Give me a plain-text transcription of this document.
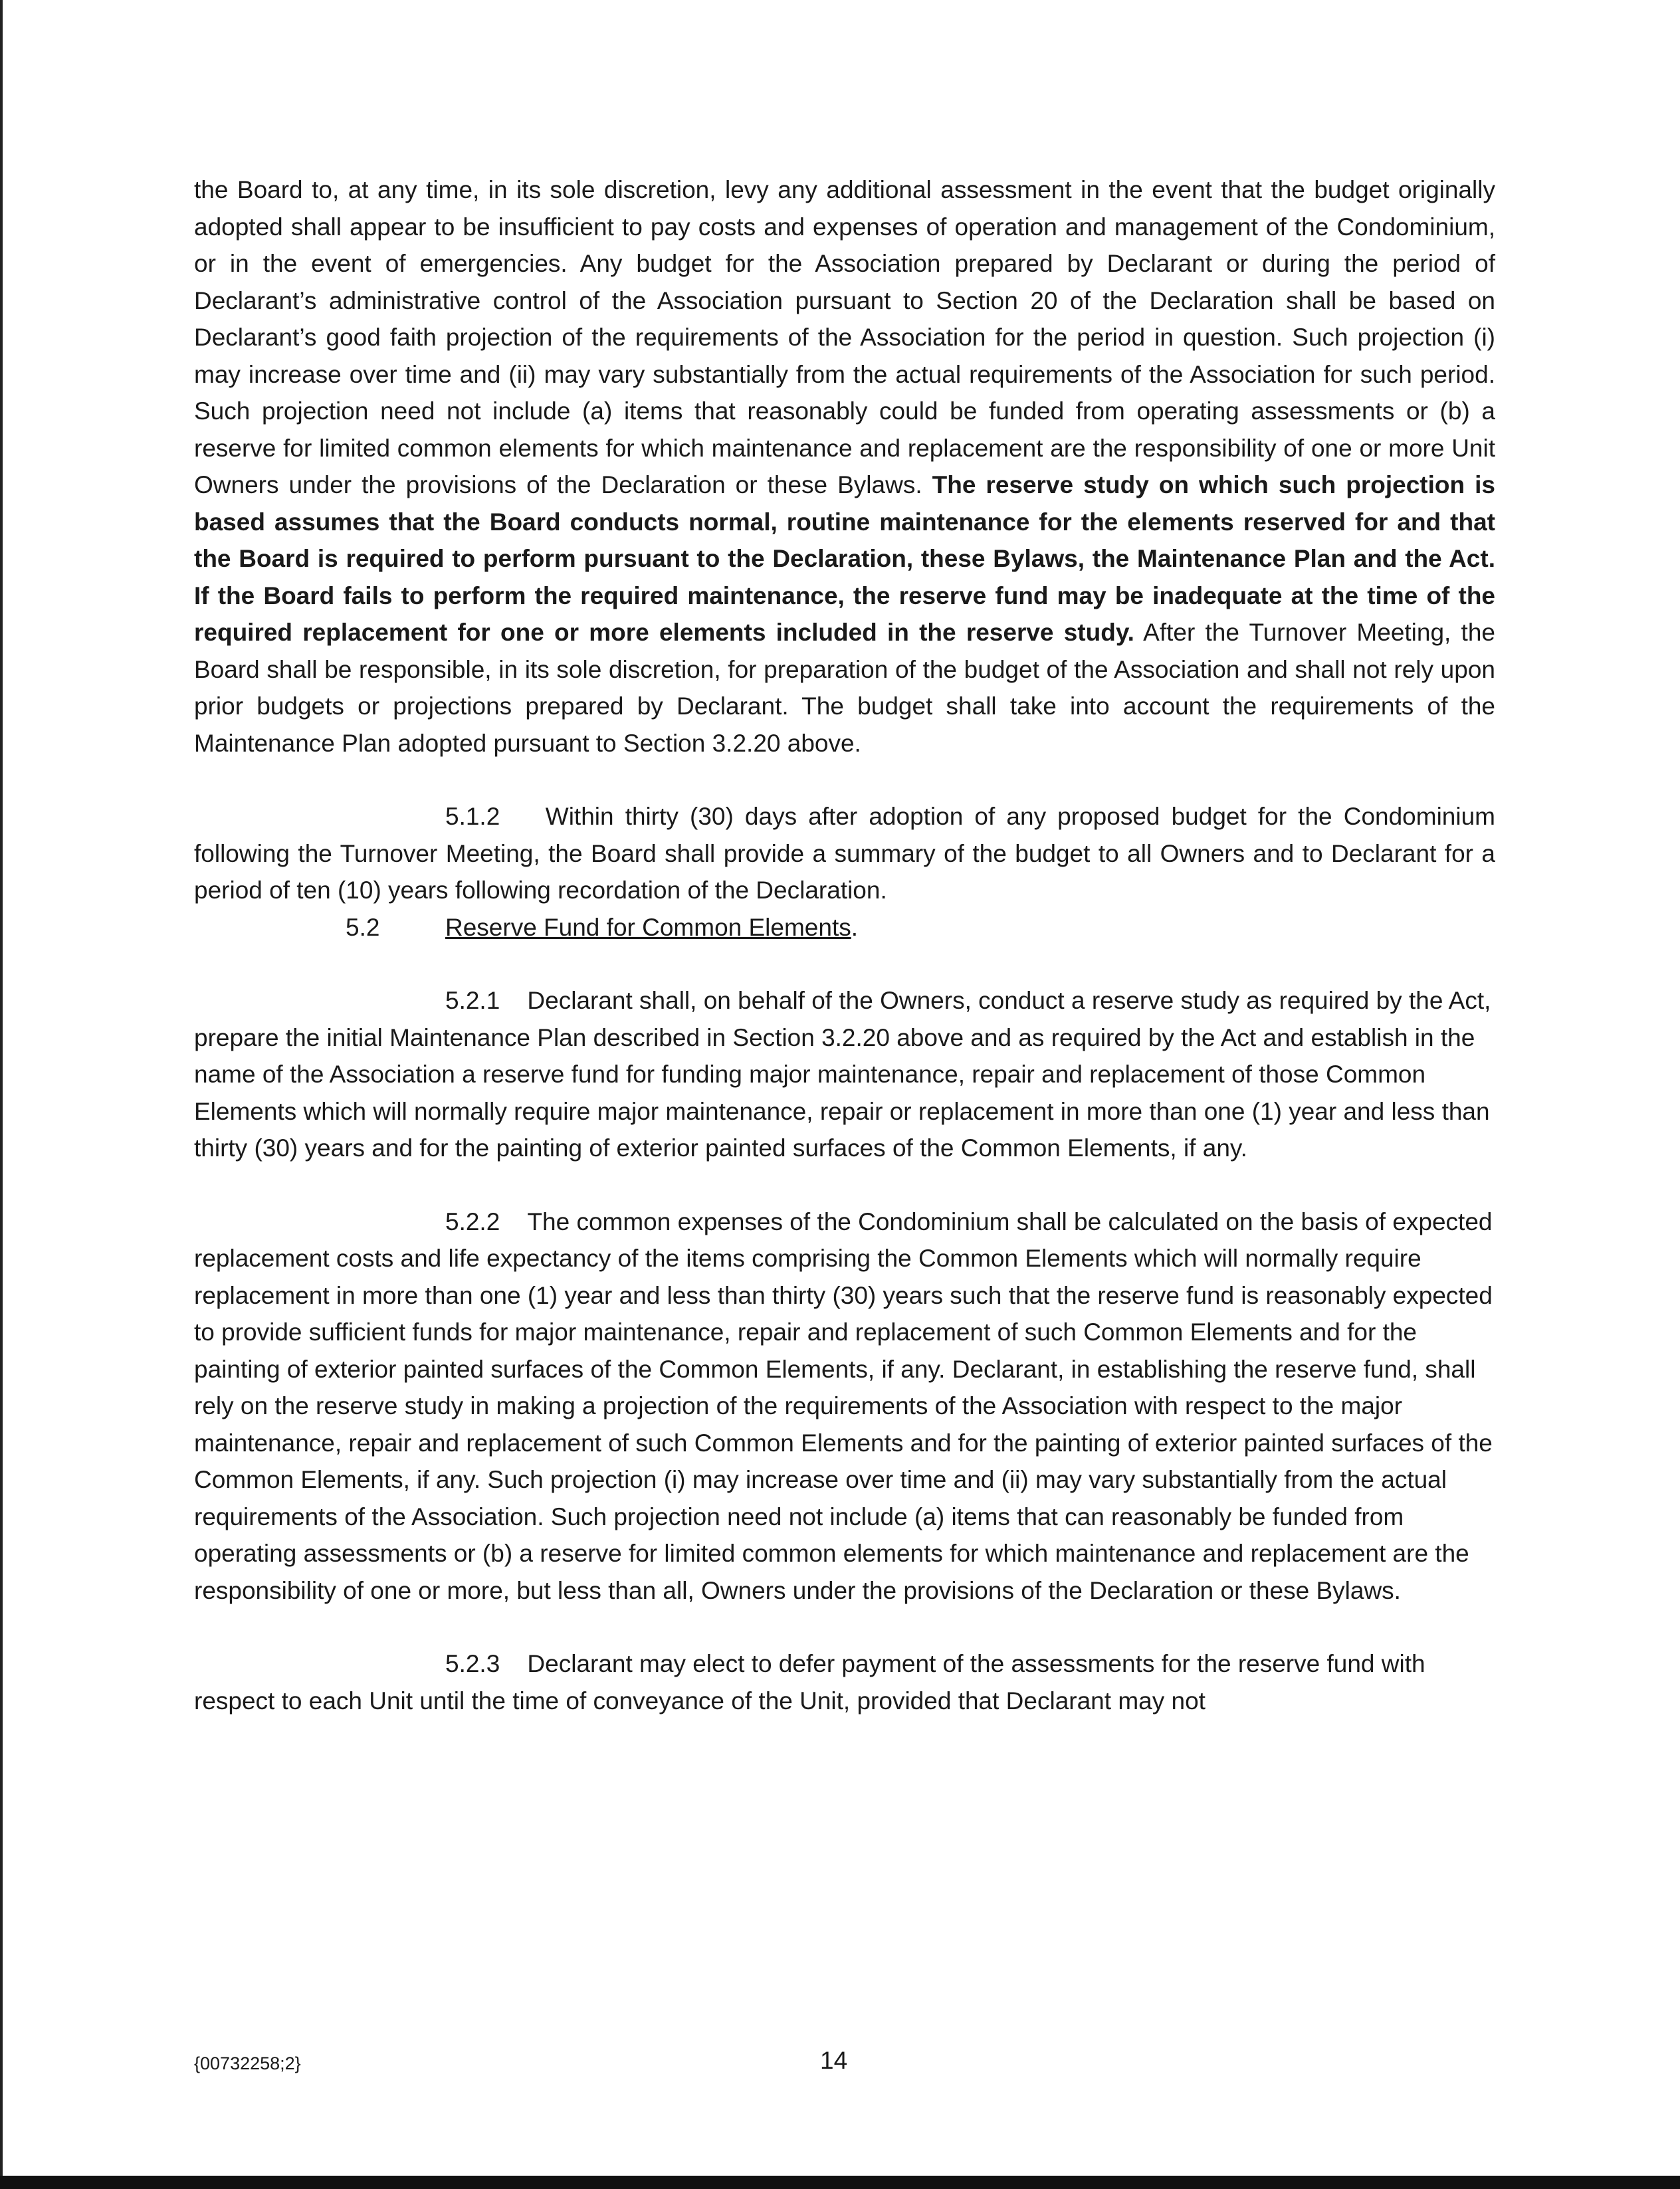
the Board to, at any time, in its sole discretion, levy any additional assessment in the event that the budget originally adopted shall appear to be insufficient to pay costs and expenses of operation and management of the Condominium, or in the event of emergencies. Any budget for the Association prepared by Declarant or during the period of Declarant’s administrative control of the Association pursuant to Section 20 of the Declaration shall be based on Declarant’s good faith projection of the requirements of the Association for the period in question. Such projection (i) may increase over time and (ii) may vary substantially from the actual requirements of the Association for such period. Such projection need not include (a) items that reasonably could be funded from operating assessments or (b) a reserve for limited common elements for which maintenance and replacement are the responsibility of one or more Unit Owners under the provisions of the Declaration or these Bylaws. The reserve study on which such projection is based assumes that the Board conducts normal, routine maintenance for the elements reserved for and that the Board is required to perform pursuant to the Declaration, these Bylaws, the Maintenance Plan and the Act. If the Board fails to perform the required maintenance, the reserve fund may be inadequate at the time of the required replacement for one or more elements included in the reserve study. After the Turnover Meeting, the Board shall be responsible, in its sole discretion, for preparation of the budget of the Association and shall not rely upon prior budgets or projections prepared by Declarant. The budget shall take into account the requirements of the Maintenance Plan adopted pursuant to Section 3.2.20 above.

5.1.2 Within thirty (30) days after adoption of any proposed budget for the Condominium following the Turnover Meeting, the Board shall provide a summary of the budget to all Owners and to Declarant for a period of ten (10) years following recordation of the Declaration.

5.2	Reserve Fund for Common Elements.

5.2.1 Declarant shall, on behalf of the Owners, conduct a reserve study as required by the Act, prepare the initial Maintenance Plan described in Section 3.2.20 above and as required by the Act and establish in the name of the Association a reserve fund for funding major maintenance, repair and replacement of those Common Elements which will normally require major maintenance, repair or replacement in more than one (1) year and less than thirty (30) years and for the painting of exterior painted surfaces of the Common Elements, if any.

5.2.2 The common expenses of the Condominium shall be calculated on the basis of expected replacement costs and life expectancy of the items comprising the Common Elements which will normally require replacement in more than one (1) year and less than thirty (30) years such that the reserve fund is reasonably expected to provide sufficient funds for major maintenance, repair and replacement of such Common Elements and for the painting of exterior painted surfaces of the Common Elements, if any. Declarant, in establishing the reserve fund, shall rely on the reserve study in making a projection of the requirements of the Association with respect to the major maintenance, repair and replacement of such Common Elements and for the painting of exterior painted surfaces of the Common Elements, if any. Such projection (i) may increase over time and (ii) may vary substantially from the actual requirements of the Association. Such projection need not include (a) items that can reasonably be funded from operating assessments or (b) a reserve for limited common elements for which maintenance and replacement are the responsibility of one or more, but less than all, Owners under the provisions of the Declaration or these Bylaws.

5.2.3 Declarant may elect to defer payment of the assessments for the reserve fund with respect to each Unit until the time of conveyance of the Unit, provided that Declarant may not

{00732258;2}	14
